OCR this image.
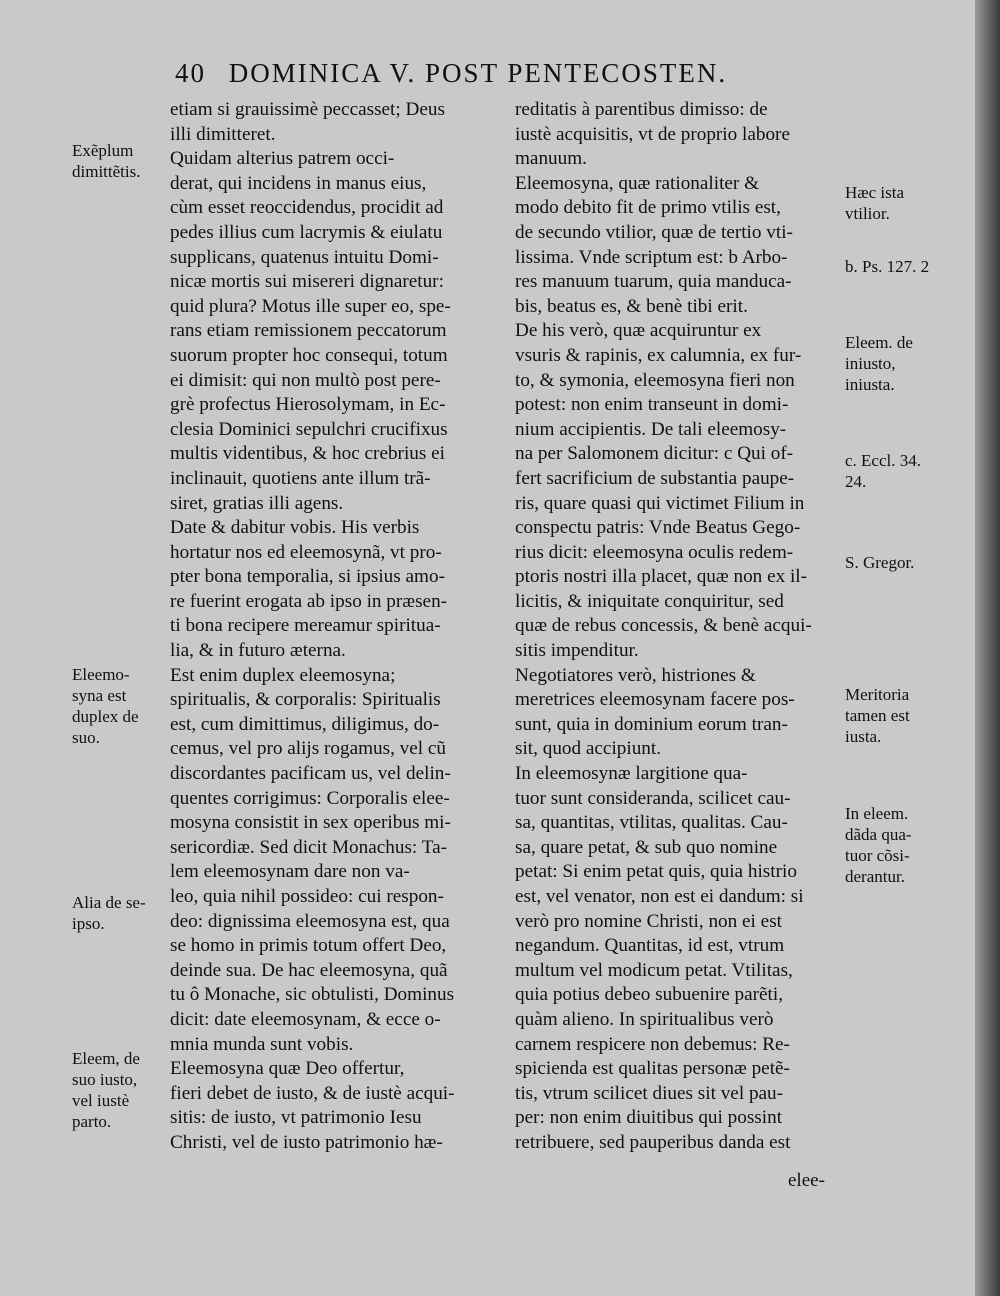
40 DOMINICA V. POST PENTECOSTEN.
etiam si grauissimè peccasset; Deus
illi dimitteret.
Quidam alterius patrem occi-
derat, qui incidens in manus eius,
cùm esset reoccidendus, procidit ad
pedes illius cum lacrymis & eiulatu
supplicans, quatenus intuitu Domi-
nicæ mortis sui misereri dignaretur:
quid plura? Motus ille super eo, spe-
rans etiam remissionem peccatorum
suorum propter hoc consequi, totum
ei dimisit: qui non multò post pere-
grè profectus Hierosolymam, in Ec-
clesia Dominici sepulchri crucifixus
multis videntibus, & hoc crebrius ei
inclinauit, quotiens ante illum trã-
siret, gratias illi agens.
Date & dabitur vobis. His verbis
hortatur nos ed eleemosynã, vt pro-
pter bona temporalia, si ipsius amo-
re fuerint erogata ab ipso in præsen-
ti bona recipere mereamur spiritua-
lia, & in futuro æterna.
Est enim duplex eleemosyna;
spiritualis, & corporalis: Spiritualis
est, cum dimittimus, diligimus, do-
cemus, vel pro alijs rogamus, vel cũ
discordantes pacificam us, vel delin-
quentes corrigimus: Corporalis elee-
mosyna consistit in sex operibus mi-
sericordiæ. Sed dicit Monachus: Ta-
lem eleemosynam dare non va-
leo, quia nihil possideo: cui respon-
deo: dignissima eleemosyna est, qua
se homo in primis totum offert Deo,
deinde sua. De hac eleemosyna, quã
tu ô Monache, sic obtulisti, Dominus
dicit: date eleemosynam, & ecce o-
mnia munda sunt vobis.
Eleemosyna quæ Deo offertur,
fieri debet de iusto, & de iustè acqui-
sitis: de iusto, vt patrimonio Iesu
Christi, vel de iusto patrimonio hæ-
reditatis à parentibus dimisso: de
iustè acquisitis, vt de proprio labore
manuum.
Eleemosyna, quæ rationaliter &
modo debito fit de primo vtilis est,
de secundo vtilior, quæ de tertio vti-
lissima. Vnde scriptum est: b Arbo-
res manuum tuarum, quia manduca-
bis, beatus es, & benè tibi erit.
De his verò, quæ acquiruntur ex
vsuris & rapinis, ex calumnia, ex fur-
to, & symonia, eleemosyna fieri non
potest: non enim transeunt in domi-
nium accipientis. De tali eleemosy-
na per Salomonem dicitur: c Qui of-
fert sacrificium de substantia paupe-
ris, quare quasi qui victimet Filium in
conspectu patris: Vnde Beatus Gego-
rius dicit: eleemosyna oculis redem-
ptoris nostri illa placet, quæ non ex il-
licitis, & iniquitate conquiritur, sed
quæ de rebus concessis, & benè acqui-
sitis impenditur.
Negotiatores verò, histriones &
meretrices eleemosynam facere pos-
sunt, quia in dominium eorum tran-
sit, quod accipiunt.
In eleemosynæ largitione qua-
tuor sunt consideranda, scilicet cau-
sa, quantitas, vtilitas, qualitas. Cau-
sa, quare petat, & sub quo nomine
petat: Si enim petat quis, quia histrio
est, vel venator, non est ei dandum: si
verò pro nomine Christi, non ei est
negandum. Quantitas, id est, vtrum
multum vel modicum petat. Vtilitas,
quia potius debeo subuenire parẽti,
quàm alieno. In spiritualibus verò
carnem respicere non debemus: Re-
spicienda est qualitas personæ petẽ-
tis, vtrum scilicet diues sit vel pau-
per: non enim diuitibus qui possint
retribuere, sed pauperibus danda est
Exẽplum
dimittẽtis.
Eleemo-
syna est
duplex de
suo.
Alia de se-
ipso.
Eleem, de
suo iusto,
vel iustè
parto.
Hæc ista
vtilior.
b. Ps. 127. 2
Eleem. de
iniusto,
iniusta.
c. Eccl. 34.
24.
S. Gregor.
Meritoria
tamen est
iusta.
In eleem.
dãda qua-
tuor cõsi-
derantur.
elee-
